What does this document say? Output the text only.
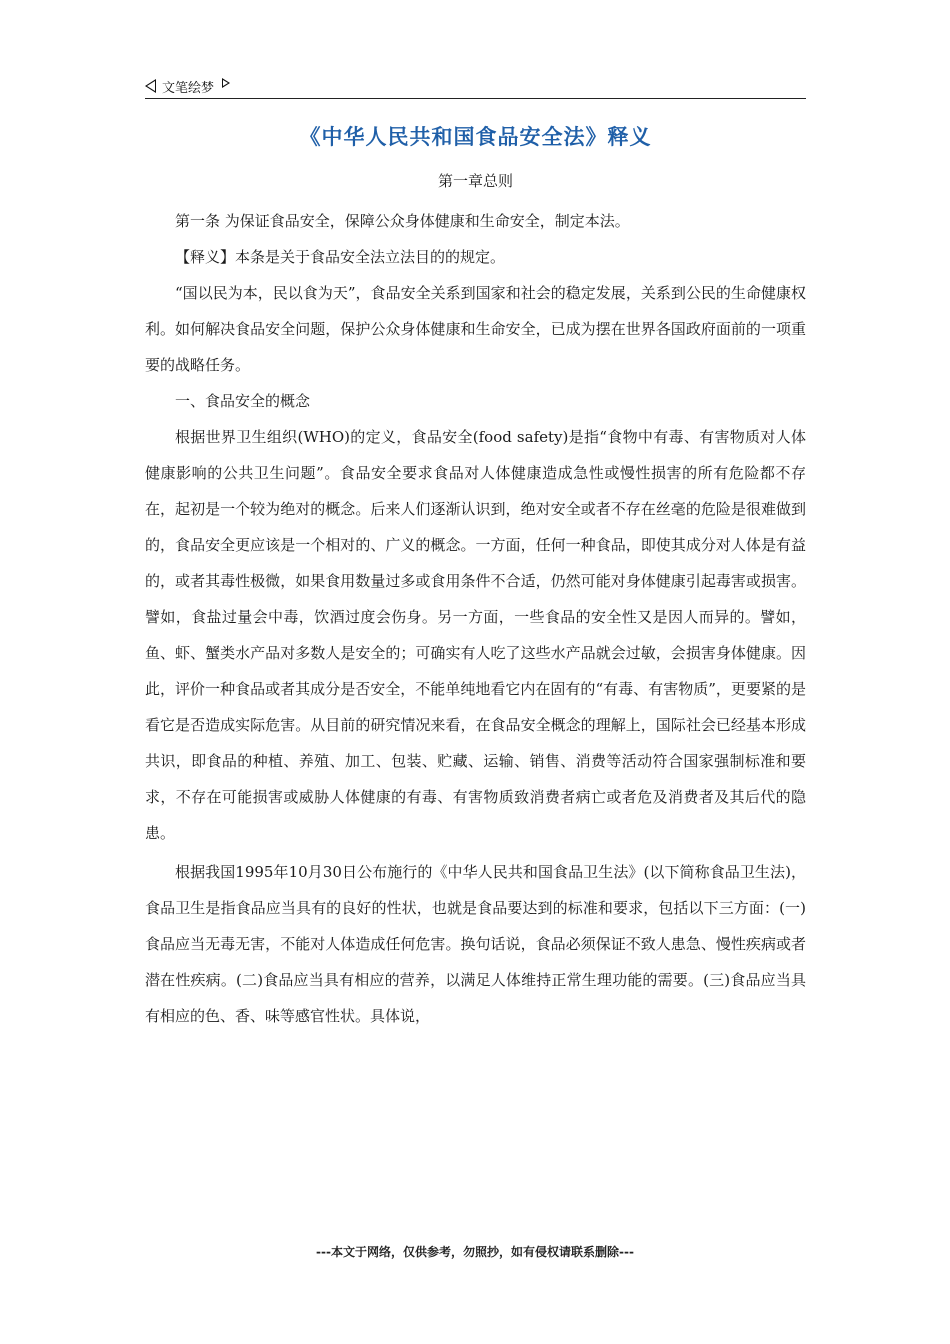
文笔绘梦
《中华人民共和国食品安全法》释义
第一章总则

第一条 为保证食品安全，保障公众身体健康和生命安全，制定本法。

【释义】本条是关于食品安全法立法目的的规定。

“国以民为本，民以食为天”，食品安全关系到国家和社会的稳定发展，关系到公民的生命健康权利。如何解决食品安全问题，保护公众身体健康和生命安全，已成为摆在世界各国政府面前的一项重要的战略任务。

一、食品安全的概念

根据世界卫生组织(WHO)的定义，食品安全(food safety)是指“食物中有毒、有害物质对人体健康影响的公共卫生问题”。食品安全要求食品对人体健康造成急性或慢性损害的所有危险都不存在，起初是一个较为绝对的概念。后来人们逐渐认识到，绝对安全或者不存在丝毫的危险是很难做到的，食品安全更应该是一个相对的、广义的概念。一方面，任何一种食品，即使其成分对人体是有益的，或者其毒性极微，如果食用数量过多或食用条件不合适，仍然可能对身体健康引起毒害或损害。譬如，食盐过量会中毒，饮酒过度会伤身。另一方面，一些食品的安全性又是因人而异的。譬如，鱼、虾、蟹类水产品对多数人是安全的；可确实有人吃了这些水产品就会过敏，会损害身体健康。因此，评价一种食品或者其成分是否安全，不能单纯地看它内在固有的“有毒、有害物质”，更要紧的是看它是否造成实际危害。从目前的研究情况来看，在食品安全概念的理解上，国际社会已经基本形成共识，即食品的种植、养殖、加工、包装、贮藏、运输、销售、消费等活动符合国家强制标准和要求，不存在可能损害或威胁人体健康的有毒、有害物质致消费者病亡或者危及消费者及其后代的隐患。

根据我国1995年10月30日公布施行的《中华人民共和国食品卫生法》(以下简称食品卫生法)，食品卫生是指食品应当具有的良好的性状，也就是食品要达到的标准和要求，包括以下三方面：(一)食品应当无毒无害，不能对人体造成任何危害。换句话说，食品必须保证不致人患急、慢性疾病或者潜在性疾病。(二)食品应当具有相应的营养，以满足人体维持正常生理功能的需要。(三)食品应当具有相应的色、香、味等感官性状。具体说，

---本文于网络，仅供参考，勿照抄，如有侵权请联系删除---
